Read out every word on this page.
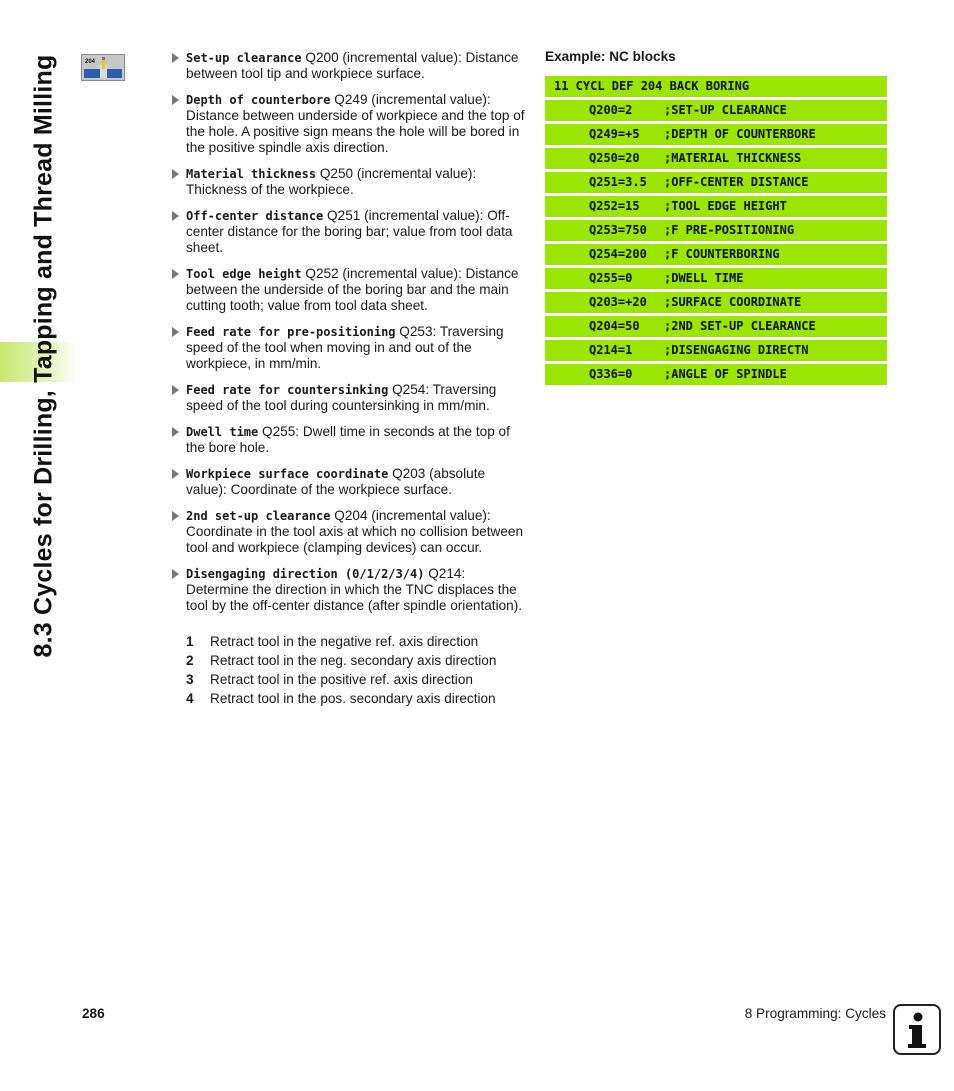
8.3 Cycles for Drilling, Tapping and Thread Milling	204	Set-up clearance Q200 (incremental value): Distance between tool tip and workpiece surface.
Depth of counterbore Q249 (incremental value): Distance between underside of workpiece and the top of the hole. A positive sign means the hole will be bored in the positive spindle axis direction.
Material thickness Q250 (incremental value): Thickness of the workpiece.
Off-center distance Q251 (incremental value): Off-center distance for the boring bar; value from tool data sheet.
Tool edge height Q252 (incremental value): Distance between the underside of the boring bar and the main cutting tooth; value from tool data sheet.
Feed rate for pre-positioning Q253: Traversing speed of the tool when moving in and out of the workpiece, in mm/min.
Feed rate for countersinking Q254: Traversing speed of the tool during countersinking in mm/min.
Dwell time Q255: Dwell time in seconds at the top of the bore hole.
Workpiece surface coordinate Q203 (absolute value): Coordinate of the workpiece surface.
2nd set-up clearance Q204 (incremental value): Coordinate in the tool axis at which no collision between tool and workpiece (clamping devices) can occur.
Disengaging direction (0/1/2/3/4) Q214: Determine the direction in which the TNC displaces the tool by the off-center distance (after spindle orientation).
1	Retract tool in the negative ref. axis direction
2	Retract tool in the neg. secondary axis direction
3	Retract tool in the positive ref. axis direction
4	Retract tool in the pos. secondary axis direction
Example: NC blocks
11 CYCL DEF 204 BACK BORING
Q200=2	;SET-UP CLEARANCE
Q249=+5 ;DEPTH OF COUNTERBORE
Q250=20 ;MATERIAL THICKNESS
Q251=3.5 ;OFF-CENTER DISTANCE
Q252=15 ;TOOL EDGE HEIGHT
Q253=750 ;F PRE-POSITIONING
Q254=200 ;F COUNTERBORING
Q255=0	;DWELL TIME
Q203=+20 ;SURFACE COORDINATE
Q204=50 ;2ND SET-UP CLEARANCE
Q214=1	;DISENGAGING DIRECTN
Q336=0	;ANGLE OF SPINDLE
286	8 Programming: Cycles
